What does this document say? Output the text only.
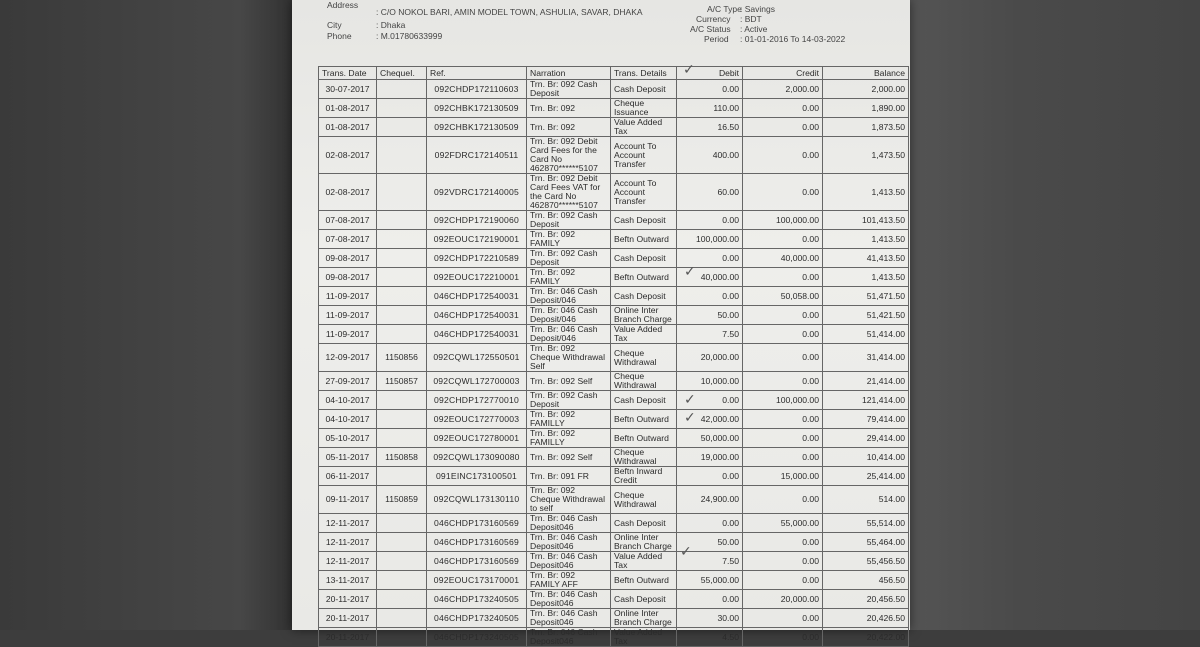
Address
: C/O NOKOL BARI, AMIN MODEL TOWN, ASHULIA, SAVAR, DHAKA
City	: Dhaka
Phone	: M.01780633999
A/C Type
: Savings
Currency : BDT
A/C Status : Active
Period : 01-01-2016 To 14-03-2022
Trans. Date	ChequeI.	Ref.	Narration	Trans. Details	Debit	Credit	Balance
30-07-2017		092CHDP172110603	Trn. Br: 092 Cash Deposit	Cash Deposit	0.00	2,000.00	2,000.00
01-08-2017		092CHBK172130509	Trn. Br: 092	Cheque Issuance	110.00	0.00	1,890.00
01-08-2017		092CHBK172130509	Trn. Br: 092	Value Added Tax	16.50	0.00	1,873.50
02-08-2017		092FDRC172140511	Trn. Br: 092 Debit Card Fees for the Card No 462870******5107	Account To Account Transfer	400.00	0.00	1,473.50
02-08-2017		092VDRC172140005	Trn. Br: 092 Debit Card Fees VAT for the Card No 462870******5107	Account To Account Transfer	60.00	0.00	1,413.50
07-08-2017		092CHDP172190060	Trn. Br: 092 Cash Deposit	Cash Deposit	0.00	100,000.00	101,413.50
07-08-2017		092EOUC172190001	Trn. Br: 092 FAMILY	Beftn Outward	100,000.00	0.00	1,413.50
09-08-2017		092CHDP172210589	Trn. Br: 092 Cash Deposit	Cash Deposit	0.00	40,000.00	41,413.50
09-08-2017		092EOUC172210001	Trn. Br: 092 FAMILY	Beftn Outward	40,000.00	0.00	1,413.50
11-09-2017		046CHDP172540031	Trn. Br: 046 Cash Deposit/046	Cash Deposit	0.00	50,058.00	51,471.50
11-09-2017		046CHDP172540031	Trn. Br: 046 Cash Deposit/046	Online Inter Branch Charge	50.00	0.00	51,421.50
11-09-2017		046CHDP172540031	Trn. Br: 046 Cash Deposit/046	Value Added Tax	7.50	0.00	51,414.00
12-09-2017	1150856	092CQWL172550501	Trn. Br: 092 Cheque Withdrawal Self	Cheque Withdrawal	20,000.00	0.00	31,414.00
27-09-2017	1150857	092CQWL172700003	Trn. Br: 092 Self	Cheque Withdrawal	10,000.00	0.00	21,414.00
04-10-2017		092CHDP172770010	Trn. Br: 092 Cash Deposit	Cash Deposit	0.00	100,000.00	121,414.00
04-10-2017		092EOUC172770003	Trn. Br: 092 FAMILLY	Beftn Outward	42,000.00	0.00	79,414.00
05-10-2017		092EOUC172780001	Trn. Br: 092 FAMILLY	Beftn Outward	50,000.00	0.00	29,414.00
05-11-2017	1150858	092CQWL173090080	Trn. Br: 092 Self	Cheque Withdrawal	19,000.00	0.00	10,414.00
06-11-2017		091EINC173100501	Trn. Br: 091 FR	Beftn Inward Credit	0.00	15,000.00	25,414.00
09-11-2017	1150859	092CQWL173130110	Trn. Br: 092 Cheque Withdrawal to self	Cheque Withdrawal	24,900.00	0.00	514.00
12-11-2017		046CHDP173160569	Trn. Br: 046 Cash Deposit046	Cash Deposit	0.00	55,000.00	55,514.00
12-11-2017		046CHDP173160569	Trn. Br: 046 Cash Deposit046	Online Inter Branch Charge	50.00	0.00	55,464.00
12-11-2017		046CHDP173160569	Trn. Br: 046 Cash Deposit046	Value Added Tax	7.50	0.00	55,456.50
13-11-2017		092EOUC173170001	Trn. Br: 092 FAMILY AFF	Beftn Outward	55,000.00	0.00	456.50
20-11-2017		046CHDP173240505	Trn. Br: 046 Cash Deposit046	Cash Deposit	0.00	20,000.00	20,456.50
20-11-2017		046CHDP173240505	Trn. Br: 046 Cash Deposit046	Online Inter Branch Charge	30.00	0.00	20,426.50
20-11-2017		046CHDP173240505	Trn. Br: 046 Cash Deposit046	Value Added Tax	4.50	0.00	20,422.00
✓
✓
✓
✓
✓
